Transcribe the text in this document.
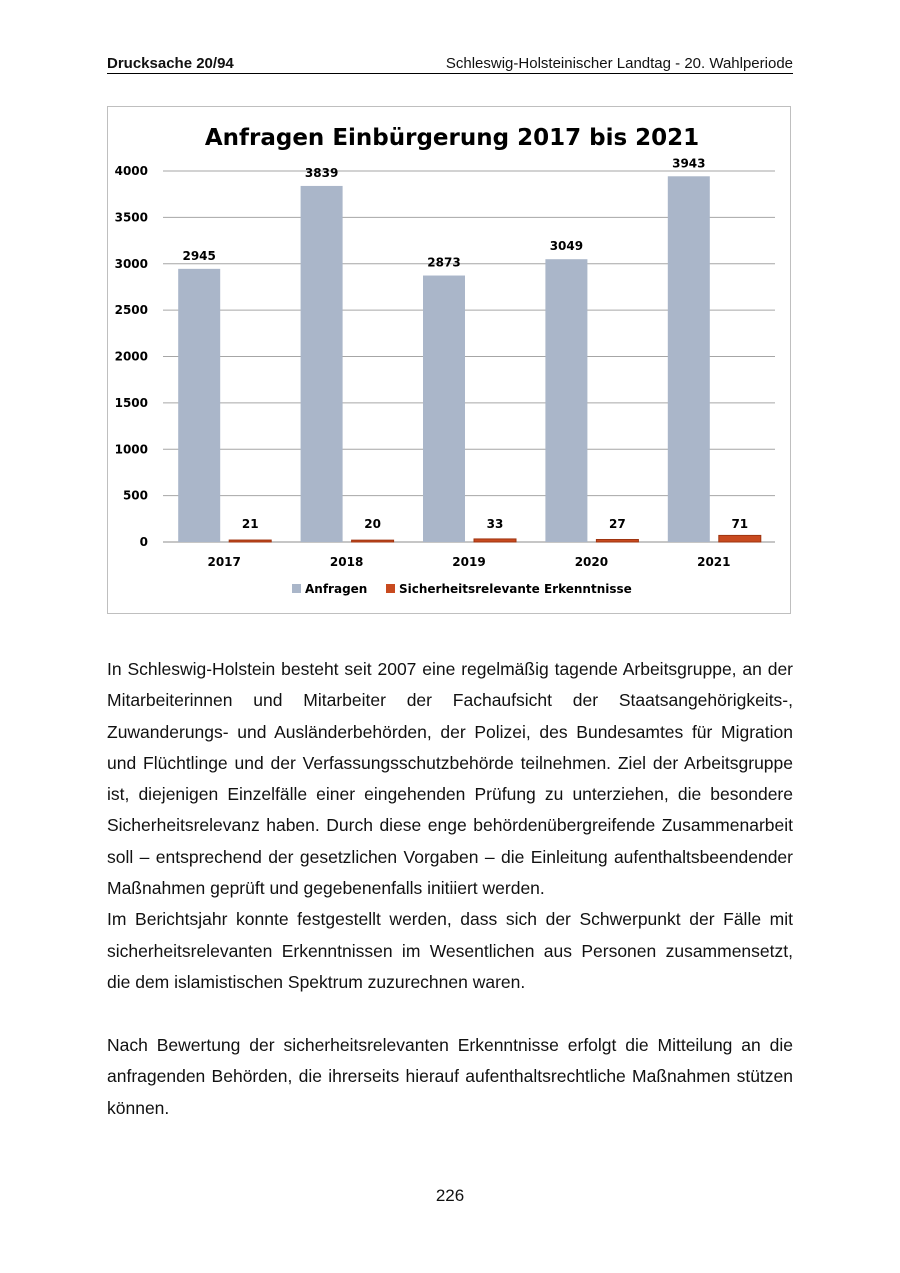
Drucksache 20/94	Schleswig-Holsteinischer Landtag - 20. Wahlperiode
Anfragen Einbürgerung 2017 bis 2021
0
500
1000
1500
2000
2500
3000
3500
4000
2945
21
2017
3839
20
2018
2873
33
2019
3049
27
2020
3943
71
2021
Anfragen	Sicherheitsrelevante Erkenntnisse

In Schleswig-Holstein besteht seit 2007 eine regelmäßig tagende Arbeitsgruppe, an der Mitarbeiterinnen und Mitarbeiter der Fachaufsicht der Staatsangehörigkeits-, Zuwanderungs- und Ausländerbehörden, der Polizei, des Bundesamtes für Migration und Flüchtlinge und der Verfassungsschutzbehörde teilnehmen. Ziel der Arbeitsgruppe ist, diejenigen Einzelfälle einer eingehenden Prüfung zu unterziehen, die besondere Sicherheitsrelevanz haben. Durch diese enge behördenübergreifende Zusammenarbeit soll – entsprechend der gesetzlichen Vorgaben – die Einleitung aufenthaltsbeendender Maßnahmen geprüft und gegebenenfalls initiiert werden.
Im Berichtsjahr konnte festgestellt werden, dass sich der Schwerpunkt der Fälle mit sicherheitsrelevanten Erkenntnissen im Wesentlichen aus Personen zusammensetzt, die dem islamistischen Spektrum zuzurechnen waren.

Nach Bewertung der sicherheitsrelevanten Erkenntnisse erfolgt die Mitteilung an die anfragenden Behörden, die ihrerseits hierauf aufenthaltsrechtliche Maßnahmen stützen können.

226
